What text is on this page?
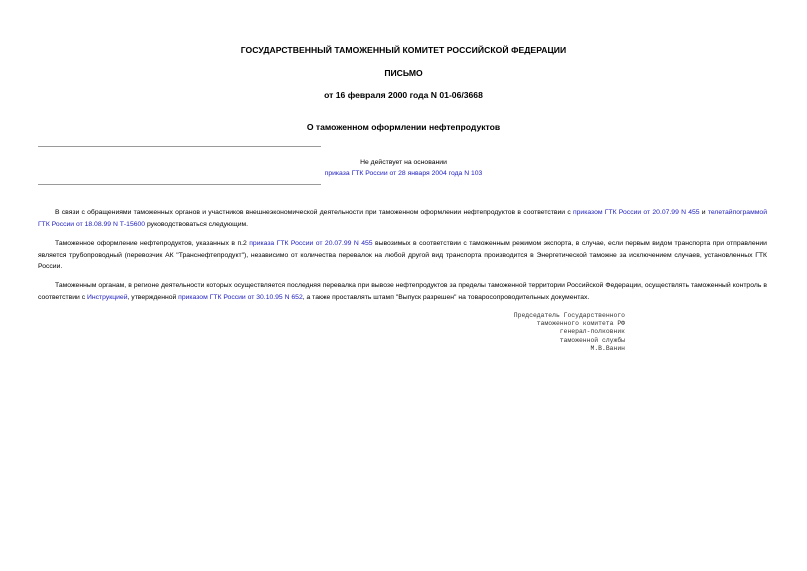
ГОСУДАРСТВЕННЫЙ ТАМОЖЕННЫЙ КОМИТЕТ РОССИЙСКОЙ ФЕДЕРАЦИИ
ПИСЬМО
от 16 февраля 2000 года N 01-06/3668
О таможенном оформлении нефтепродуктов
Не действует на основании
приказа ГТК России от 28 января 2004 года N 103
В связи с обращениями таможенных органов и участников внешнеэкономической деятельности при таможенном оформлении нефтепродуктов в соответствии с приказом ГТК России от 20.07.99 N 455 и телетайпограммой ГТК России от 18.08.99 N Т-15600 руководствоваться следующим.
Таможенное оформление нефтепродуктов, указанных в п.2 приказа ГТК России от 20.07.99 N 455 вывозимых в соответствии с таможенным режимом экспорта, в случае, если первым видом транспорта при отправлении является трубопроводный (перевозчик АК "Транснефтепродукт"), независимо от количества перевалок на любой другой вид транспорта производится в Энергетической таможне за исключением случаев, установленных ГТК России.
Таможенным органам, в регионе деятельности которых осуществляется последняя перевалка при вывозе нефтепродуктов за пределы таможенной территории Российской Федерации, осуществлять таможенный контроль в соответствии с Инструкцией, утвержденной приказом ГТК России от 30.10.95 N 652, а также проставлять штамп "Выпуск разрешен" на товаросопроводительных документах.
Председатель Государственного
таможенного комитета РФ
генерал-полковник
таможенной службы
М.В.Ванин
